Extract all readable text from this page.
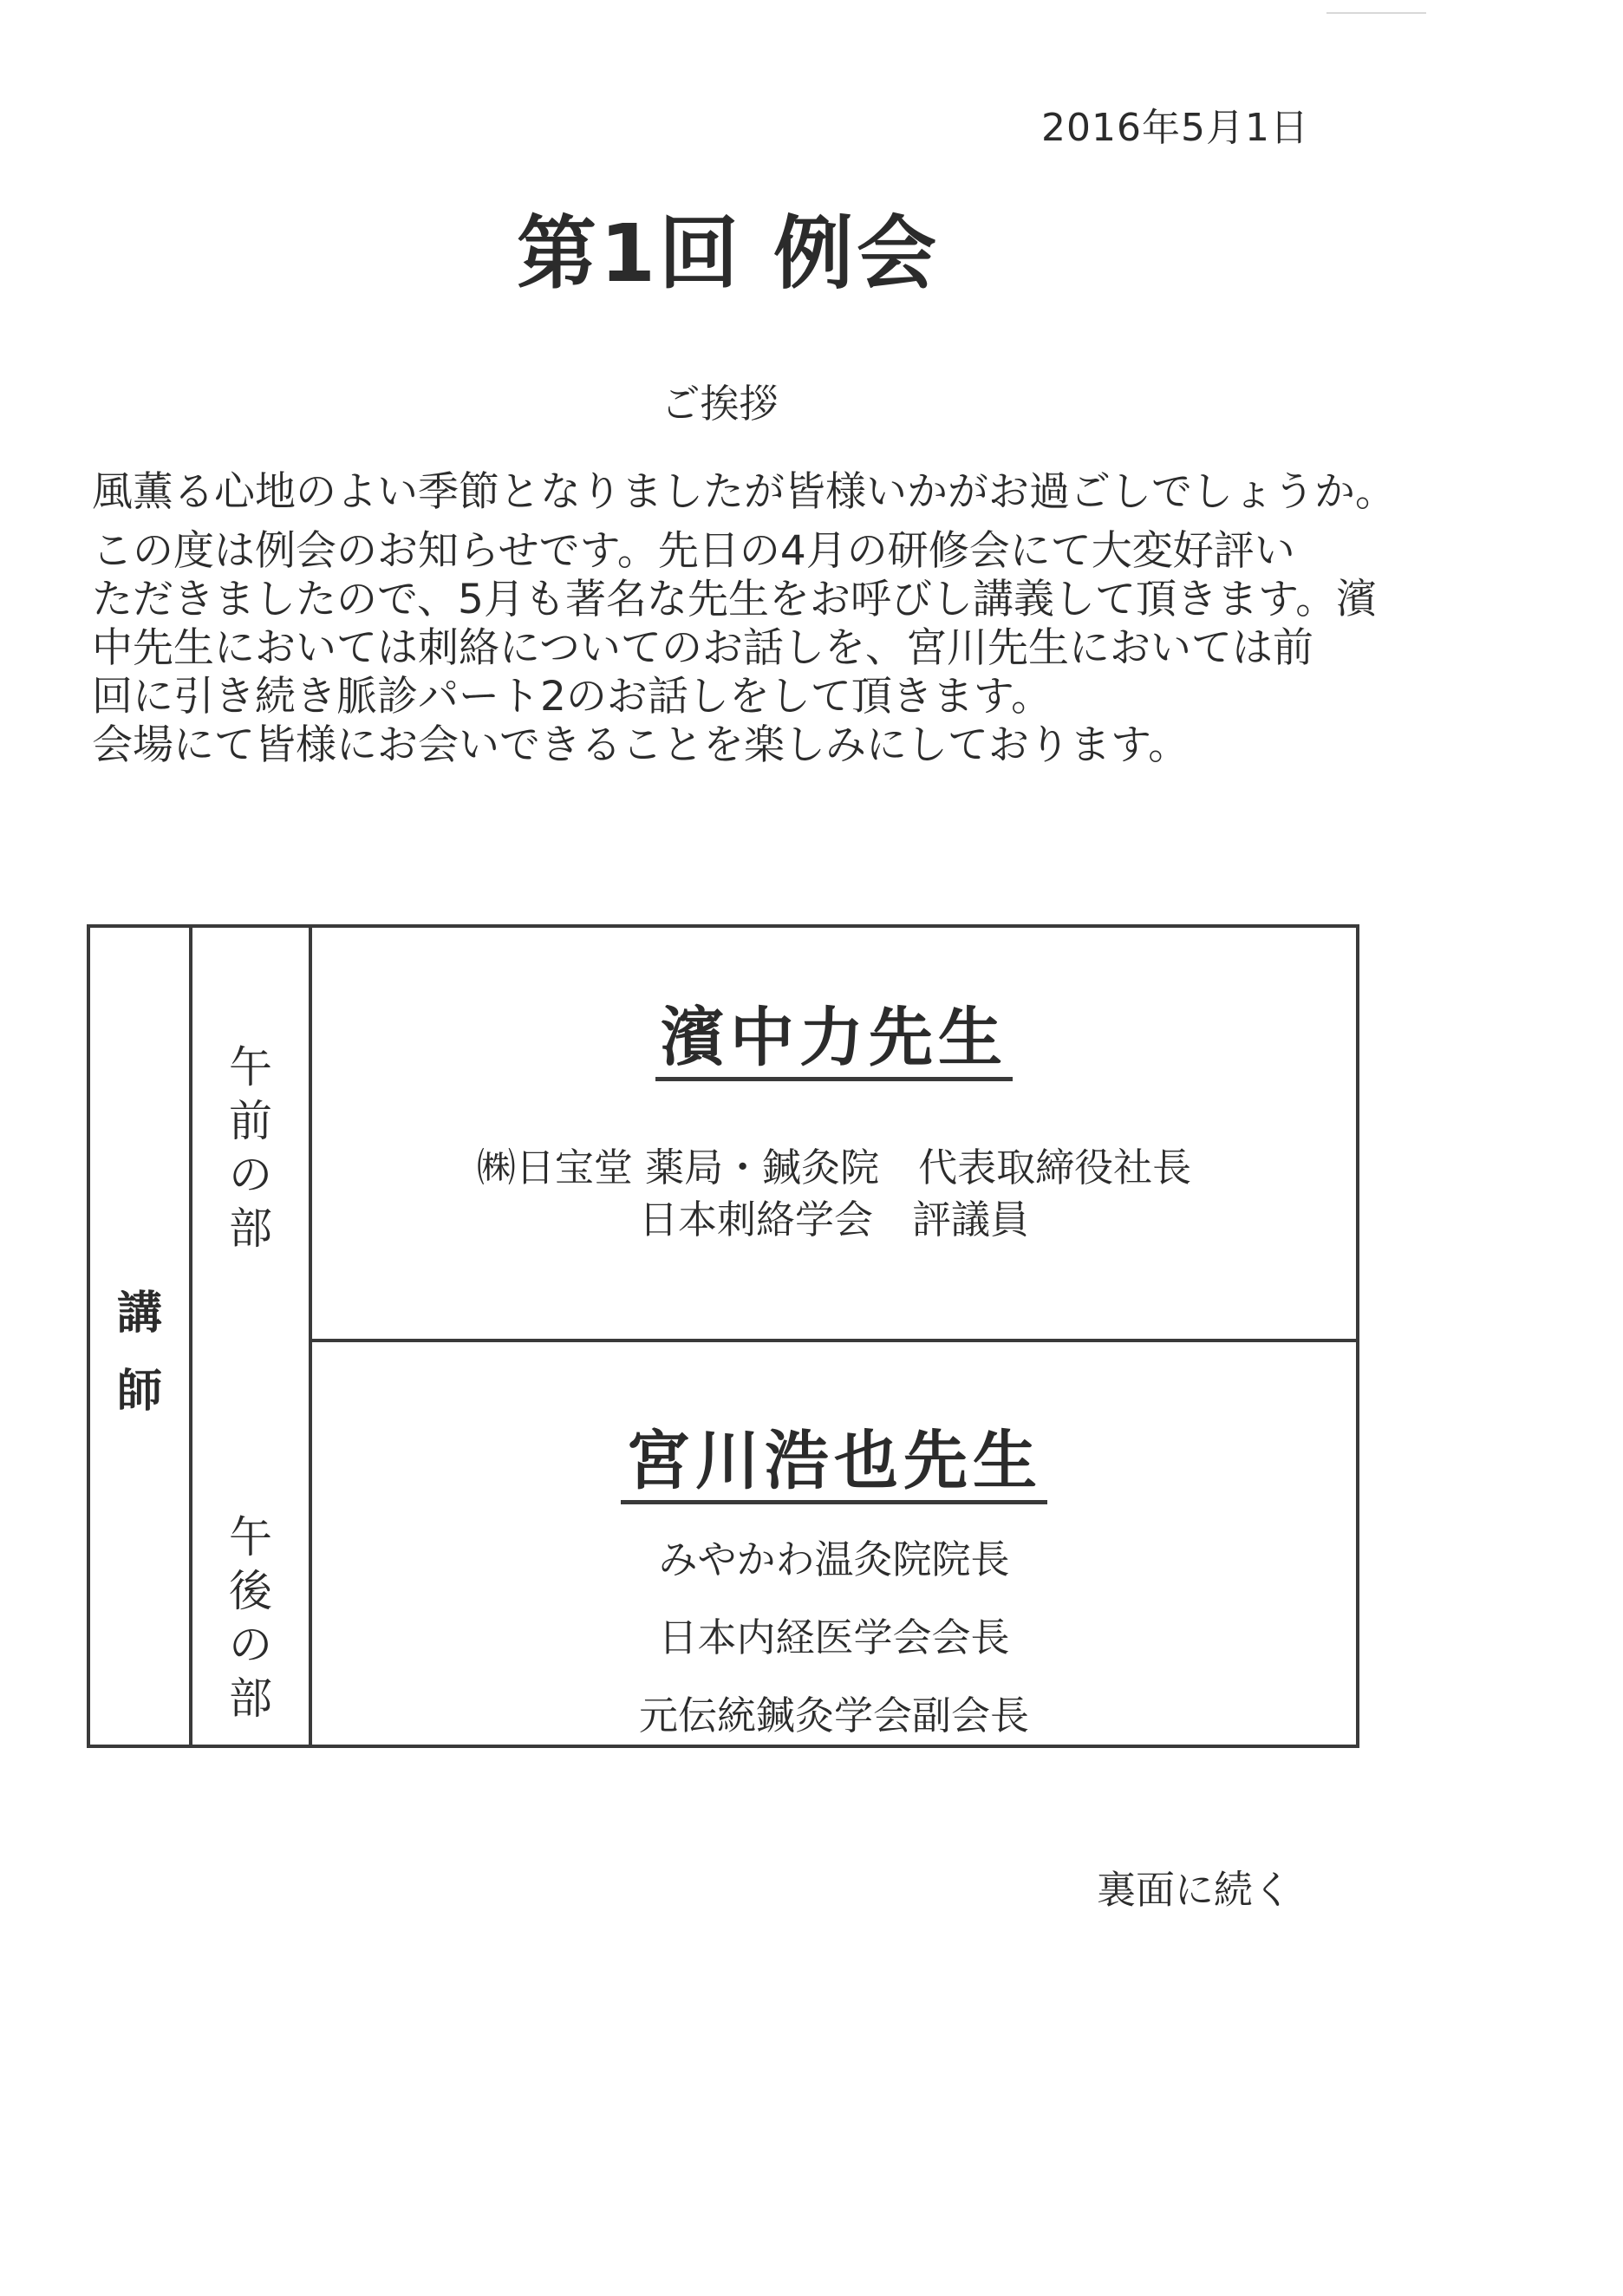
2016年5月1日
第1回 例会
ご挨拶
風薫る心地のよい季節となりましたが皆様いかがお過ごしでしょうか。
この度は例会のお知らせです。先日の4月の研修会にて大変好評い
ただきましたので、5月も著名な先生をお呼びし講義して頂きます。濱
中先生においては刺絡についてのお話しを、宮川先生においては前
回に引き続き脈診パート2のお話しをして頂きます。
会場にて皆様にお会いできることを楽しみにしております。
講
師
午
前
の
部
午
後
の
部
濱中力先生
㈱日宝堂 薬局・鍼灸院　代表取締役社長
日本刺絡学会　評議員
宮川浩也先生
みやかわ温灸院院長
日本内経医学会会長
元伝統鍼灸学会副会長
裏面に続く
